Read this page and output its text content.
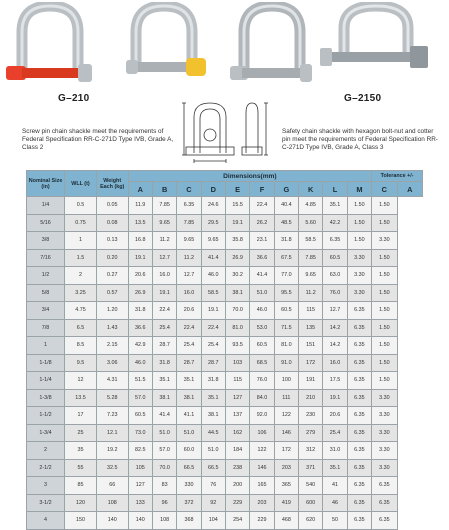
G–210	G–2150
Screw pin chain shackle meet the requirements of Federal Specification RR-C-271D Type IVB, Grade A, Class 2
Safety chain shackle with hexagon bolt-nut and cotter pin meet the requirements of Federal Specification RR-C-271D Type IVB, Grade A, Class 3
Nominal Size (in)	WLL (t)	Weight Each (kg)	Dimensions(mm)										Tolerance +/-	
			A	B	C	D	E	F	G	K	L	M	C	A
1/4	0.5	0.05	11.9	7.85	6.35	24.6	15.5	22.4	40.4	4.85	35.1	1.50	1.50	
5/16	0.75	0.08	13.5	9.65	7.85	29.5	19.1	26.2	48.5	5.60	42.2	1.50	1.50	
3/8	1	0.13	16.8	11.2	9.65	9.65	35.8	23.1	31.8	58.5	6.35	1.50	3.30	
7/16	1.5	0.20	19.1	12.7	11.2	41.4	26.9	36.6	67.5	7.85	60.5	3.30	1.50	
1/2	2	0.27	20.6	16.0	12.7	46.0	30.2	41.4	77.0	9.65	63.0	3.30	1.50	
5/8	3.25	0.57	26.9	19.1	16.0	58.5	38.1	51.0	95.5	11.2	76.0	3.30	1.50	
3/4	4.75	1.20	31.8	22.4	20.6	19.1	70.0	46.0	60.5	115	12.7	6.35	1.50	
7/8	6.5	1.43	36.6	25.4	22.4	22.4	81.0	53.0	71.5	135	14.2	6.35	1.50	
1	8.5	2.15	42.9	28.7	25.4	25.4	93.5	60.5	81.0	151	14.2	6.35	1.50	
1-1/8	9.5	3.06	46.0	31.8	28.7	28.7	103	68.5	91.0	172	16.0	6.35	1.50	
1-1/4	12	4.31	51.5	35.1	35.1	31.8	115	76.0	100	191	17.5	6.35	1.50	
1-3/8	13.5	5.28	57.0	38.1	38.1	35.1	127	84.0	111	210	19.1	6.35	3.30	
1-1/2	17	7.23	60.5	41.4	41.1	38.1	137	92.0	122	230	20.6	6.35	3.30	
1-3/4	25	12.1	73.0	51.0	51.0	44.5	162	106	146	279	25.4	6.35	3.30	
2	35	19.2	82.5	57.0	60.0	51.0	184	122	172	312	31.0	6.35	3.30	
2-1/2	55	32.5	105	70.0	66.5	66.5	238	146	203	371	35.1	6.35	3.30	
3	85	66	127	83	330	76	200	165	365	540	41	6.35	6.35	
3-1/2	120	108	133	96	372	92	229	203	419	600	46	6.35	6.35	
4	150	140	140	108	368	104	254	229	468	620	50	6.35	6.35	
